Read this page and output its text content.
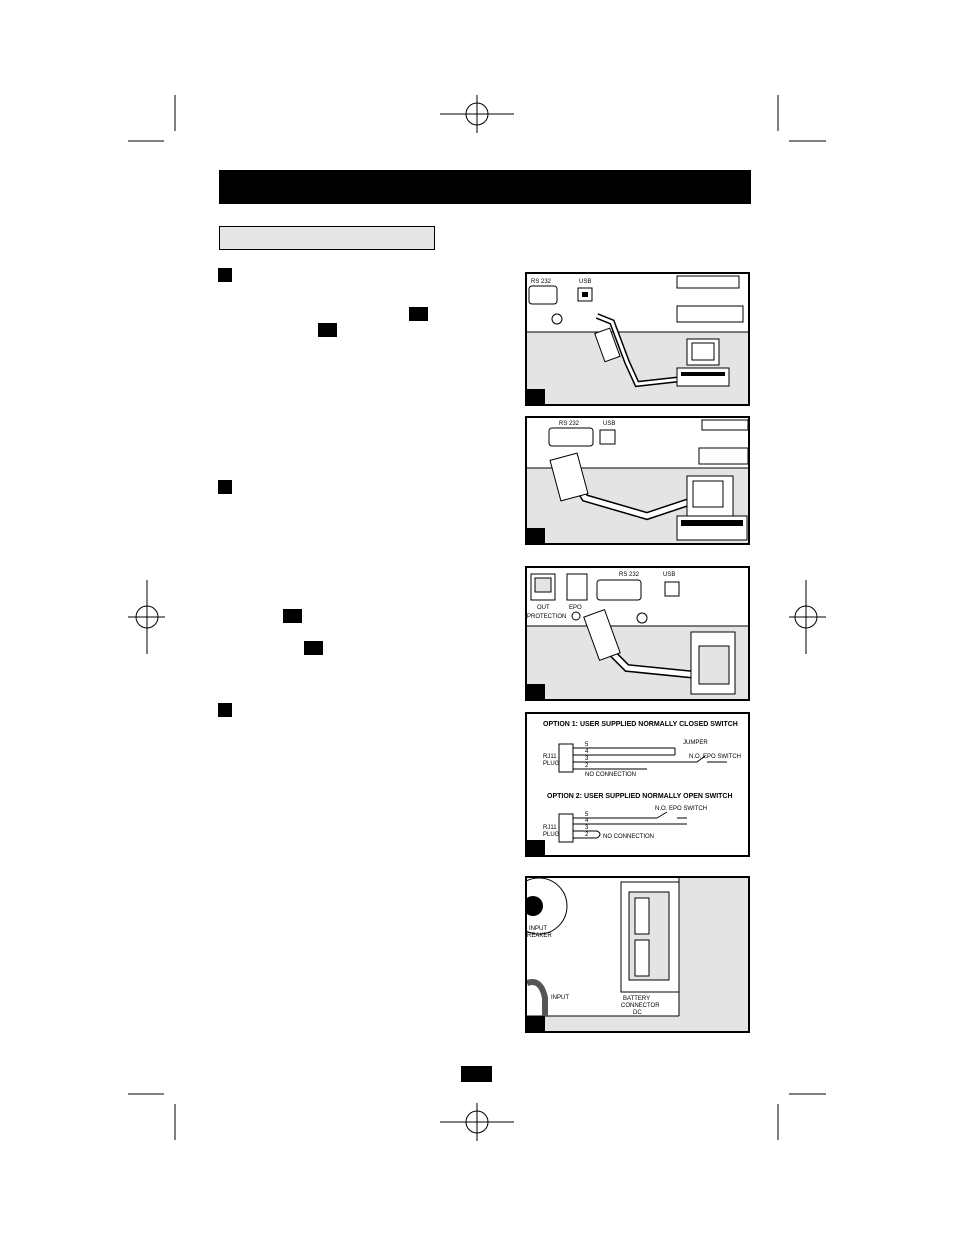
RS 232	USB
RS 232	USB
OUT
PROTECTION
EPO
RS 232	USB
OPTION 1: USER SUPPLIED NORMALLY CLOSED SWITCH
RJ11
PLUG
5
4
3
2
JUMPER
N.O. EPO SWITCH
NO CONNECTION
OPTION 2: USER SUPPLIED NORMALLY OPEN SWITCH
RJ11
PLUG
5
4
3
2
N.O. EPO SWITCH
NO CONNECTION
INPUT
REAKER
INPUT	BATTERY
CONNECTOR
DC
